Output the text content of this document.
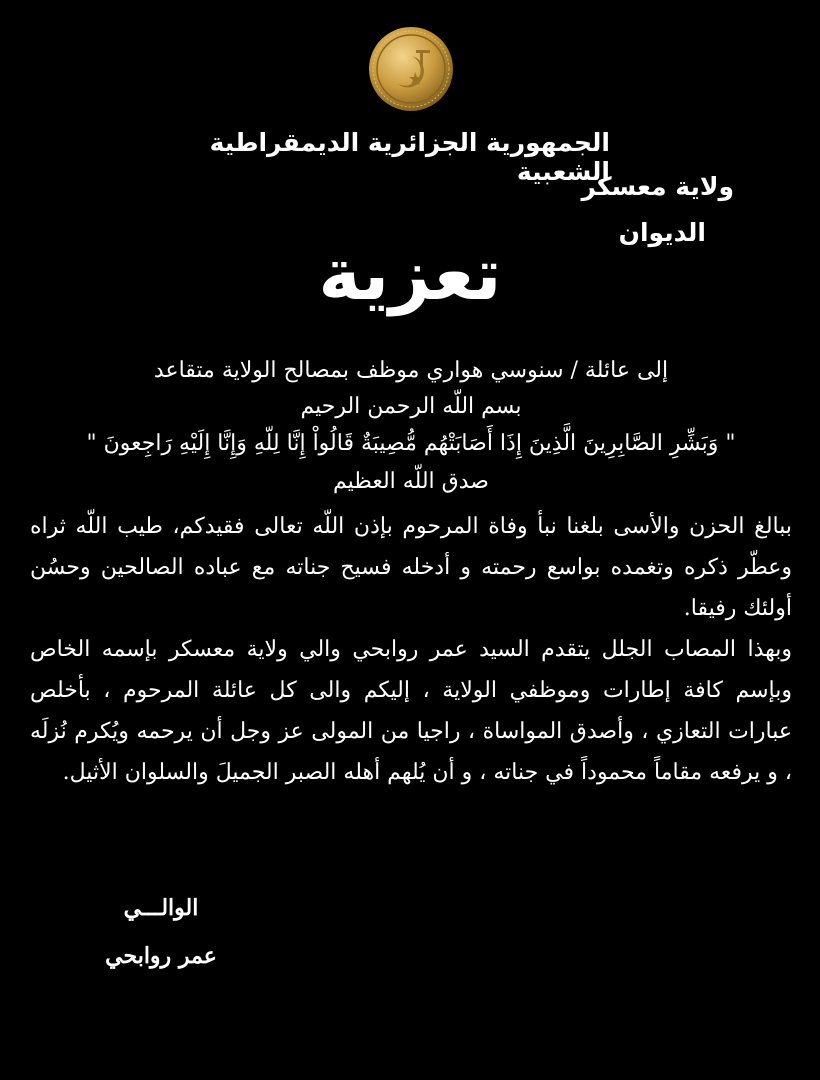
الجمهورية الجزائرية الديمقراطية الشعبية
ولاية معسكر
الديوان
تعزية
إلى عائلة / سنوسي هواري موظف بمصالح الولاية متقاعد
بسم اللّه الرحمن الرحيم
" وَبَشِّرِ الصَّابِرِينَ الَّذِينَ إِذَا أَصَابَتْهُم مُّصِيبَةٌ قَالُواْ إِنَّا لِلّهِ وَإِنَّا إِلَيْهِ رَاجِعونَ "
صدق اللّه العظيم

ببالغ الحزن والأسى بلغنا نبأ وفاة المرحوم بإذن اللّه تعالى فقيدكم، طيب اللّه ثراه وعطّر ذكره وتغمده بواسع رحمته و أدخله فسيح جناته مع عباده الصالحين وحسُن أولئك رفيقا.

وبهذا المصاب الجلل يتقدم السيد عمر روابحي والي ولاية معسكر بإسمه الخاص وبإسم كافة إطارات وموظفي الولاية ، إليكم والى كل عائلة المرحوم ، بأخلص عبارات التعازي ، وأصدق المواساة ، راجيا من المولى عز وجل أن يرحمه ويُكرم نُزلَه ، و يرفعه مقاماً محموداً في جناته ، و أن يُلهم أهله الصبر الجميلَ والسلوان الأثيل.

الوالـــي
عمر روابحي
